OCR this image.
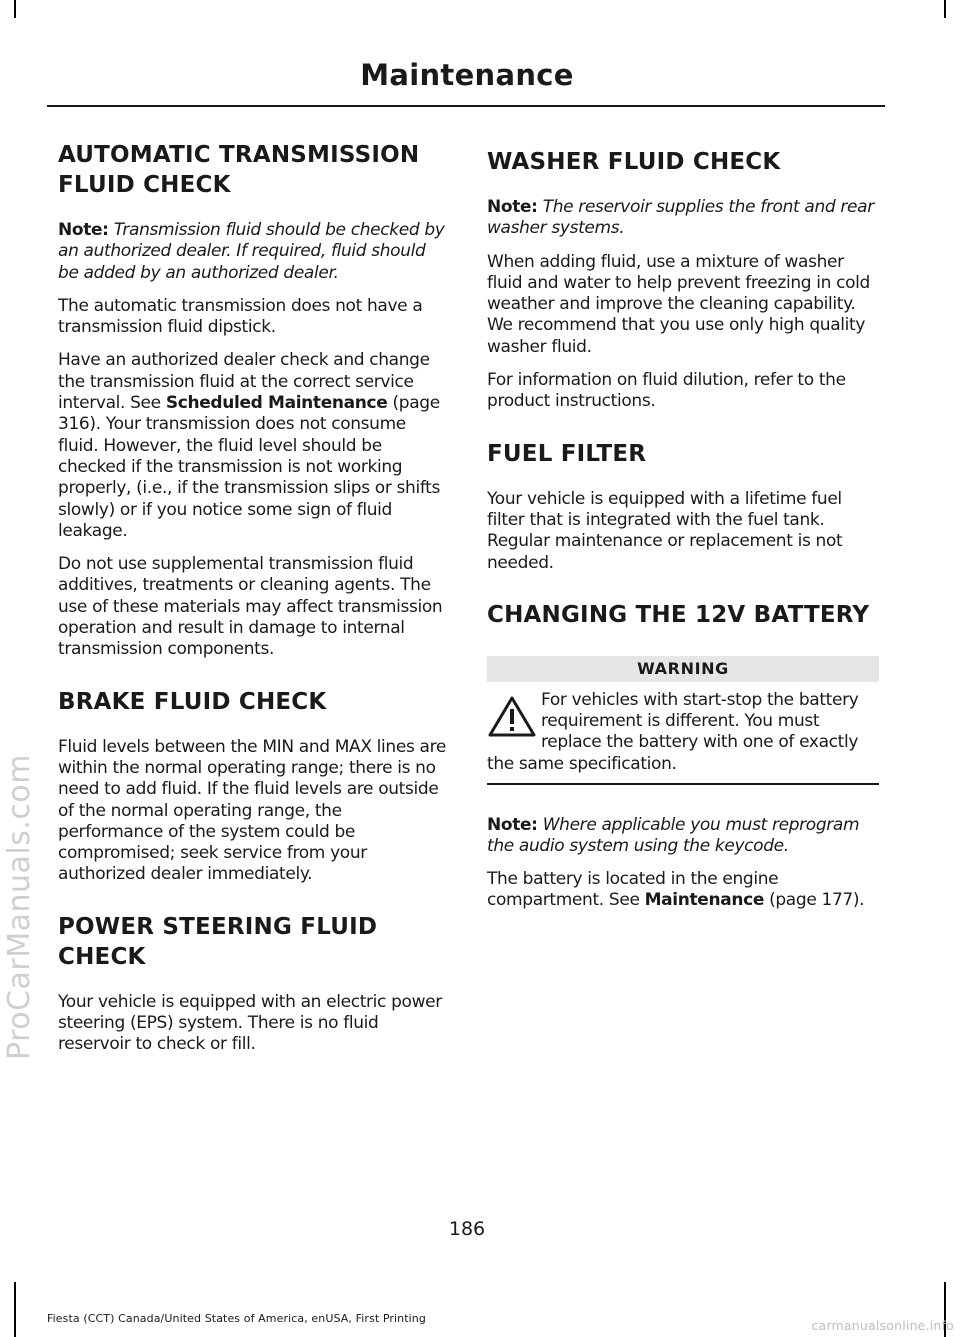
Maintenance
AUTOMATIC TRANSMISSION
FLUID CHECK

Note: Transmission fluid should be checked by an authorized dealer. If required, fluid should be added by an authorized dealer.

The automatic transmission does not have a transmission fluid dipstick.

Have an authorized dealer check and change the transmission fluid at the correct service interval. See Scheduled Maintenance (page 316). Your transmission does not consume fluid. However, the fluid level should be checked if the transmission is not working properly, (i.e., if the transmission slips or shifts slowly) or if you notice some sign of fluid leakage.

Do not use supplemental transmission fluid additives, treatments or cleaning agents. The use of these materials may affect transmission operation and result in damage to internal transmission components.

BRAKE FLUID CHECK

Fluid levels between the MIN and MAX lines are within the normal operating range; there is no need to add fluid. If the fluid levels are outside of the normal operating range, the performance of the system could be compromised; seek service from your authorized dealer immediately.

POWER STEERING FLUID
CHECK

Your vehicle is equipped with an electric power steering (EPS) system. There is no fluid reservoir to check or fill.

WASHER FLUID CHECK

Note: The reservoir supplies the front and rear washer systems.

When adding fluid, use a mixture of washer fluid and water to help prevent freezing in cold weather and improve the cleaning capability. We recommend that you use only high quality washer fluid.

For information on fluid dilution, refer to the product instructions.

FUEL FILTER

Your vehicle is equipped with a lifetime fuel filter that is integrated with the fuel tank. Regular maintenance or replacement is not needed.

CHANGING THE 12V BATTERY
WARNING
For vehicles with start-stop the battery requirement is different. You must replace the battery with one of exactly the same specification.

Note: Where applicable you must reprogram the audio system using the keycode.

The battery is located in the engine compartment. See Maintenance (page 177).

186
Fiesta (CCT) Canada/United States of America, enUSA, First Printing
ProCarManuals.com
carmanualsonline.info
